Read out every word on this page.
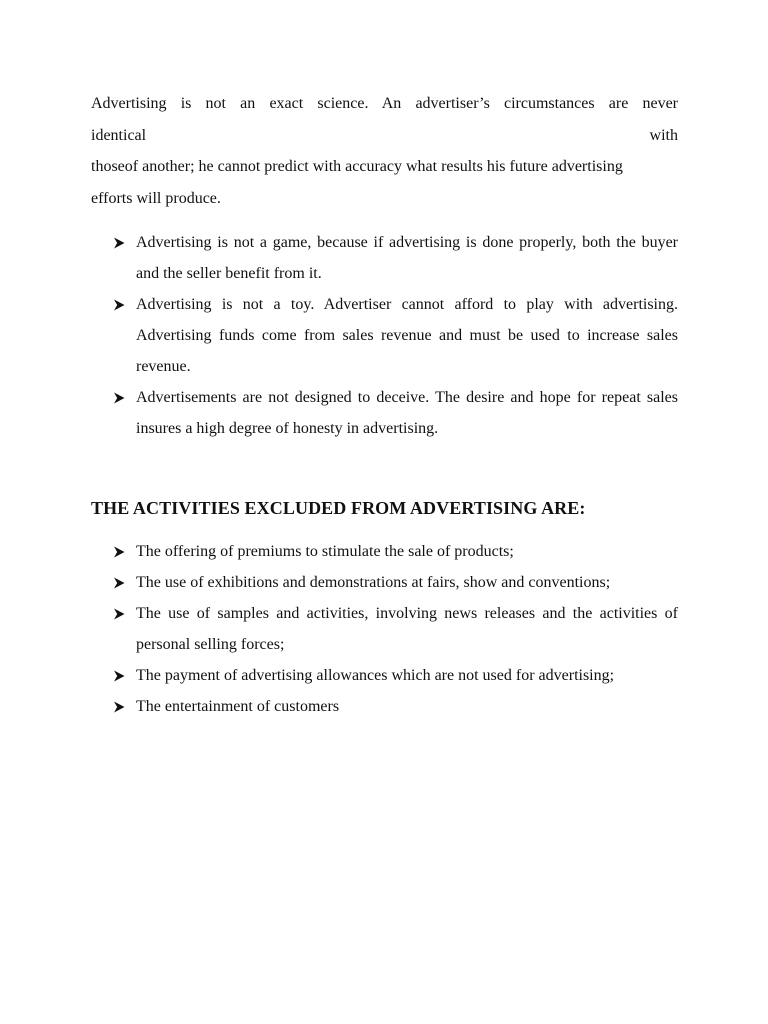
Advertising is not an exact science. An advertiser’s circumstances are never
identical with
thoseof another; he cannot predict with accuracy what results his future advertising
efforts will produce.
Advertising is not a game, because if advertising is done properly, both the buyer and the seller benefit from it.
Advertising is not a toy. Advertiser cannot afford to play with advertising. Advertising funds come from sales revenue and must be used to increase sales revenue.
Advertisements are not designed to deceive. The desire and hope for repeat sales insures a high degree of honesty in advertising.
THE ACTIVITIES EXCLUDED FROM ADVERTISING ARE:
The offering of premiums to stimulate the sale of products;
The use of exhibitions and demonstrations at fairs, show and conventions;
The use of samples and activities, involving news releases and the activities of personal selling forces;
The payment of advertising allowances which are not used for advertising;
The entertainment of customers
